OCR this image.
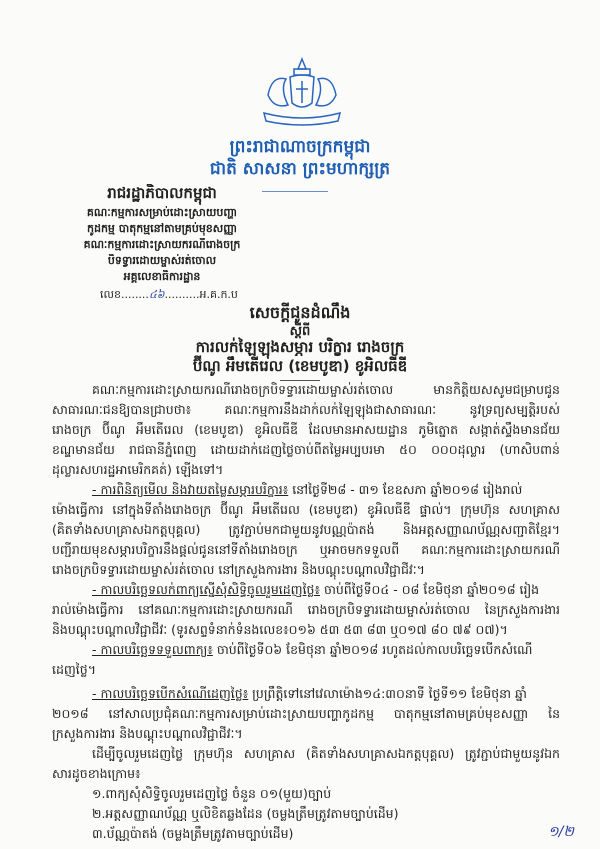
ព្រះរាជាណាចក្រកម្ពុជា
ជាតិ សាសនា ព្រះមហាក្សត្រ
រាជរដ្ឋាភិបាលកម្ពុជា
គណៈកម្មការសម្រាប់ដោះស្រាយបញ្ហា
កូដកម្ម បាតុកម្មនៅតាមគ្រប់មុខសញ្ញា
គណៈកម្មការដោះស្រាយករណីរោងចក្រ
បិទទ្វារដោយម្ចាស់រត់ចោល
អគ្គលេខាធិការដ្ឋាន
លេខ........៤៦..........អ.គ.ក.ប
សេចក្តីជូនដំណឹង
ស្តីពី
ការលក់ឡៃឡុងសម្ភារ បរិក្ខារ រោងចក្រ
ប៊ីណូ អឹមតើរេល (ខេមបូឌា) ខូអិលធីឌី
គណៈកម្មការដោះស្រាយករណីរោងចក្របិទទ្វារដោយម្ចាស់រត់ចោល មានកិត្តិយសសូមជម្រាបជូន
សាធារណៈជនឱ្យបានជ្រាបថា៖ គណៈកម្មការនឹងដាក់លក់ឡៃឡុងជាសាធារណៈ នូវទ្រព្យសម្បត្តិរបស់
រោងចក្រ ប៊ីណូ អឹមតើរេល (ខេមបូឌា) ខូអិលធីឌី ដែលមានអាសយដ្ឋាន ភូមិត្នោត សង្កាត់ស្ទឹងមានជ័យ
ខណ្ឌមានជ័យ រាជធានីភ្នំពេញ ដោយដាក់ដេញថ្លៃចាប់ពីតម្លៃអប្បបរមា ៥០ ០០០ដុល្លារ (ហាសិបពាន់
ដុល្លារសហរដ្ឋអាមេរិកគត់) ឡើងទៅ។
- ការពិនិត្យមើល និងវាយតម្លៃសម្ភារបរិក្ខារ៖ នៅថ្ងៃទី២៨ - ៣១ ខែឧសភា ឆ្នាំ២០១៨ រៀងរាល់
ម៉ោងធ្វើការ នៅក្នុងទីតាំងរោងចក្រ ប៊ីណូ អឹមតើរេល (ខេមបូឌា) ខូអិលធីឌី ផ្ទាល់។ ក្រុមហ៊ុន សហគ្រាស
(គិតទាំងសហគ្រាសឯកត្តបុគ្គល) ត្រូវភ្ជាប់មកជាមួយនូវបណ្ណប៉ាតង់ និងអត្តសញ្ញាណប័ណ្ណសញ្ជាតិខ្មែរ។
បញ្ជីរាយមុខសម្ភារបរិក្ខារនឹងផ្តល់ជូននៅទីតាំងរោងចក្រ ឬអាចមកទទួលពី គណៈកម្មការដោះស្រាយករណី
រោងចក្របិទទ្វារដោយម្ចាស់រត់ចោល នៅក្រសួងការងារ និងបណ្តុះបណ្តាលវិជ្ជាជីវៈ។
- កាលបរិច្ឆេទលក់ពាក្យស្នើសុំសិទ្ធិចូលរួមដេញថ្លៃ៖ ចាប់ពីថ្ងៃទី០៤ - ០៨ ខែមិថុនា ឆ្នាំ២០១៨ រៀង
រាល់ម៉ោងធ្វើការ នៅគណៈកម្មការដោះស្រាយករណី រោងចក្របិទទ្វារដោយម្ចាស់រត់ចោល នៃក្រសួងការងារ
និងបណ្តុះបណ្តាលវិជ្ជាជីវៈ (ទូរសព្ទទំនាក់ទំនងលេខ៖០១៦ ៥៣ ៥៣ ៨៣ ឬ០១៧ ៨០ ៧៩ ០៧)។
- កាលបរិច្ឆេទទទួលពាក្យ៖ ចាប់ពីថ្ងៃទី០៦ ខែមិថុនា ឆ្នាំ២០១៨ រហូតដល់កាលបរិច្ឆេទបើកសំណើ
ដេញថ្លៃ។
- កាលបរិច្ឆេទបើកសំណើដេញថ្លៃ៖ ប្រព្រឹត្តិទៅនៅវេលាម៉ោង១៤:៣០នាទី ថ្ងៃទី១១ ខែមិថុនា ឆ្នាំ
២០១៨ នៅសាលប្រជុំគណៈកម្មការសម្រាប់ដោះស្រាយបញ្ហាកូដកម្ម បាតុកម្មនៅតាមគ្រប់មុខសញ្ញា នៃ
ក្រសួងការងារ និងបណ្តុះបណ្តាលវិជ្ជាជីវៈ។
ដើម្បីចូលរួមដេញថ្លៃ ក្រុមហ៊ុន សហគ្រាស (គិតទាំងសហគ្រាសឯកត្តបុគ្គល) ត្រូវភ្ជាប់ជាមួយនូវឯក
សារដូចខាងក្រោម៖
១.ពាក្យសុំសិទ្ធិចូលរួមដេញថ្លៃ ចំនួន ០១(មួយ)ច្បាប់
២.អត្តសញ្ញាណប័ណ្ណ ឬលិខិតឆ្លងដែន (ចម្លងត្រឹមត្រូវតាមច្បាប់ដើម)
៣.ប័ណ្ណប៉ាតង់ (ចម្លងត្រឹមត្រូវតាមច្បាប់ដើម)	១/២
